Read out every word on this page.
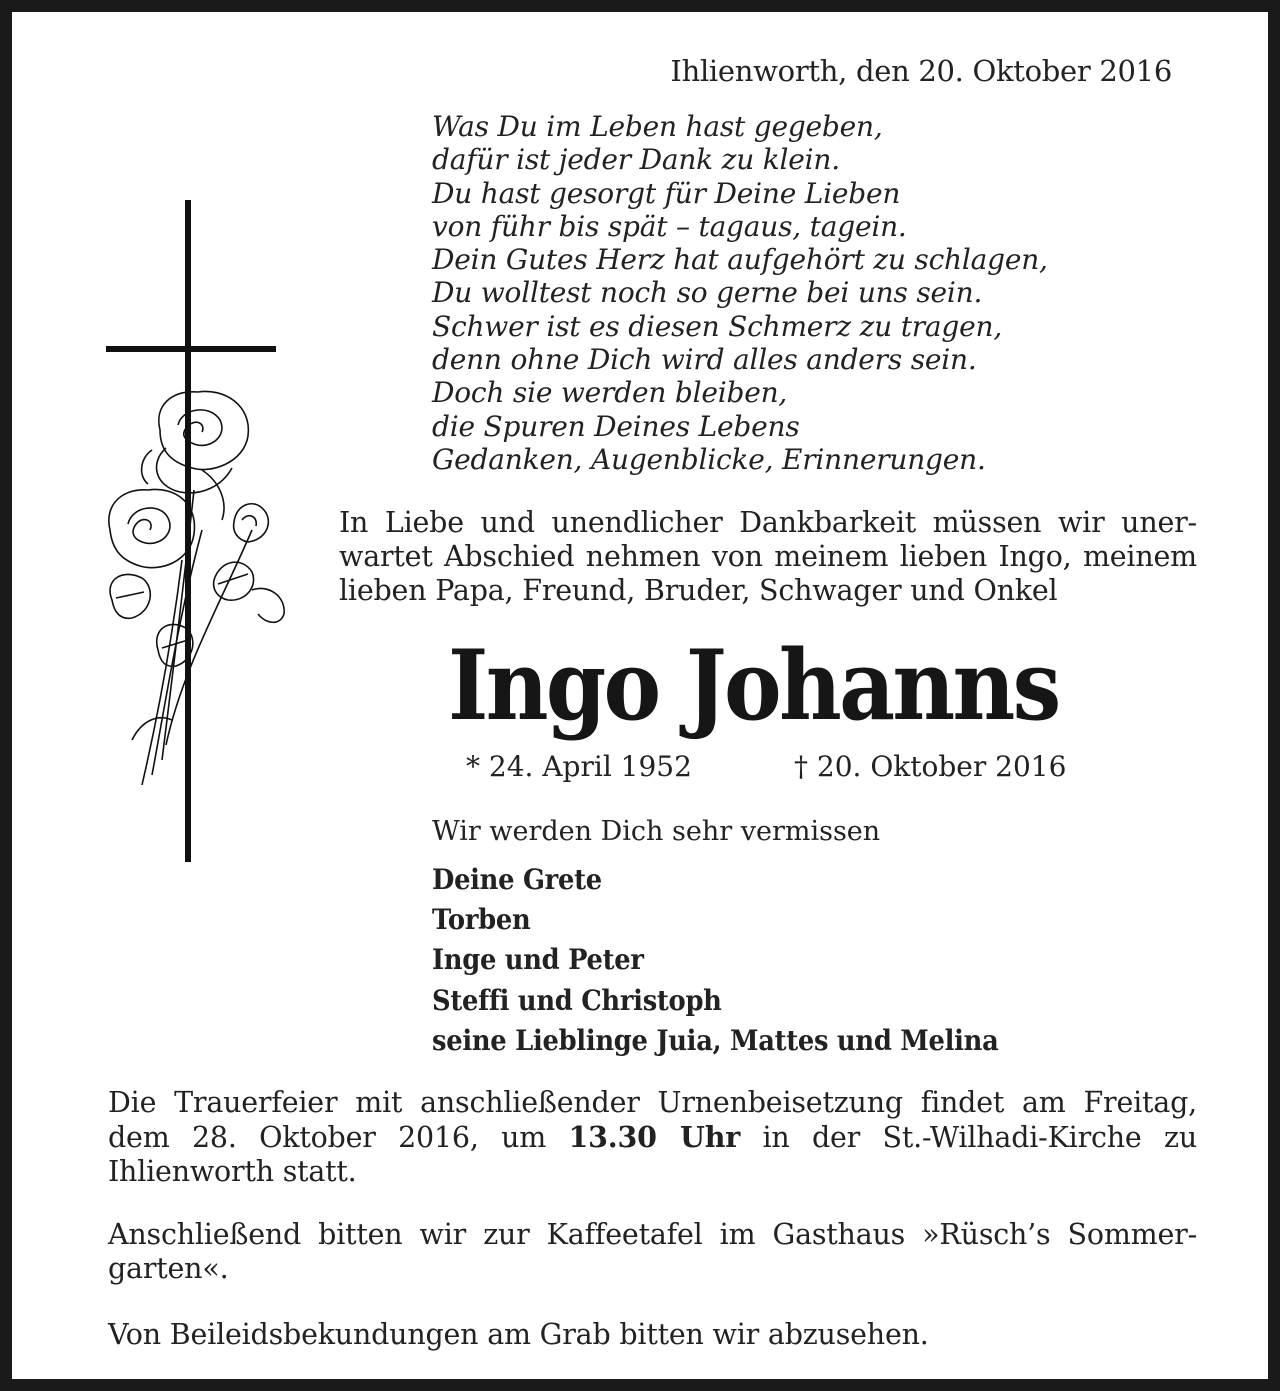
Ihlienworth, den 20. Oktober 2016
Was Du im Leben hast gegeben,
dafür ist jeder Dank zu klein.
Du hast gesorgt für Deine Lieben
von führ bis spät – tagaus, tagein.
Dein Gutes Herz hat aufgehört zu schlagen,
Du wolltest noch so gerne bei uns sein.
Schwer ist es diesen Schmerz zu tragen,
denn ohne Dich wird alles anders sein.
Doch sie werden bleiben,
die Spuren Deines Lebens
Gedanken, Augenblicke, Erinnerungen.
In Liebe und unendlicher Dankbarkeit müssen wir uner-
wartet Abschied nehmen von meinem lieben Ingo, meinem
lieben Papa, Freund, Bruder, Schwager und Onkel
Ingo Johanns
* 24. April 1952	† 20. Oktober 2016
Wir werden Dich sehr vermissen
Deine Grete
Torben
Inge und Peter
Steffi und Christoph
seine Lieblinge Juia, Mattes und Melina
Die Trauerfeier mit anschließender Urnenbeisetzung findet am Freitag,
dem 28. Oktober 2016, um 13.30 Uhr in der St.-Wilhadi-Kirche zu
Ihlienworth statt.
Anschließend bitten wir zur Kaffeetafel im Gasthaus »Rüsch’s Sommer-
garten«.
Von Beileidsbekundungen am Grab bitten wir abzusehen.
